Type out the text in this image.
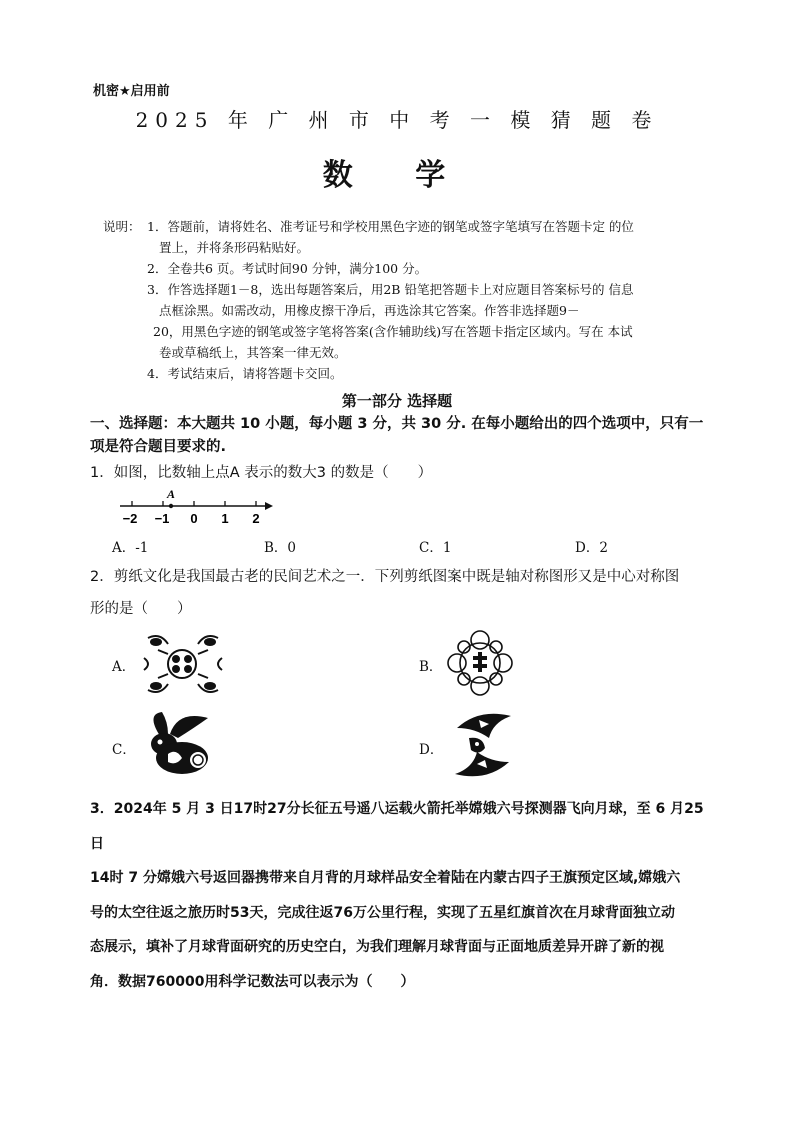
机密★启用前
2025 年 广 州 市 中 考 一 模 猜 题 卷
数 学
说明： 1．答题前，请将姓名、准考证号和学校用黑色字迹的钢笔或签字笔填写在答题卡定 的位
置上，并将条形码粘贴好。
2．全卷共6 页。考试时间90 分钟，满分100 分。
3．作答选择题1－8，选出每题答案后，用2B 铅笔把答题卡上对应题目答案标号的 信息
点框涂黑。如需改动，用橡皮擦干净后，再选涂其它答案。作答非选择题9－
20，用黑色字迹的钢笔或签字笔将答案(含作辅助线)写在答题卡指定区域内。写在 本试
卷或草稿纸上，其答案一律无效。
4．考试结束后，请将答题卡交回。
第一部分 选择题
一、选择题：本大题共 10 小题，每小题 3 分，共 30 分. 在每小题给出的四个选项中，只有一项是符合题目要求的.
1．如图，比数轴上点A 表示的数大3 的数是（　　）
A
−2 −1 0 1 2
A．-1	B．0	C．1	D．2
2．剪纸文化是我国最古老的民间艺术之一．下列剪纸图案中既是轴对称图形又是中心对称图
形的是（　　）
A．	B．
C．	D．
3．2024年 5 月 3 日17时27分长征五号遥八运载火箭托举嫦娥六号探测器飞向月球，至 6 月25日
14时 7 分嫦娥六号返回器携带来自月背的月球样品安全着陆在内蒙古四子王旗预定区域,嫦娥六
号的太空往返之旅历时53天，完成往返76万公里行程，实现了五星红旗首次在月球背面独立动
态展示，填补了月球背面研究的历史空白，为我们理解月球背面与正面地质差异开辟了新的视
角．数据760000用科学记数法可以表示为（　　）
